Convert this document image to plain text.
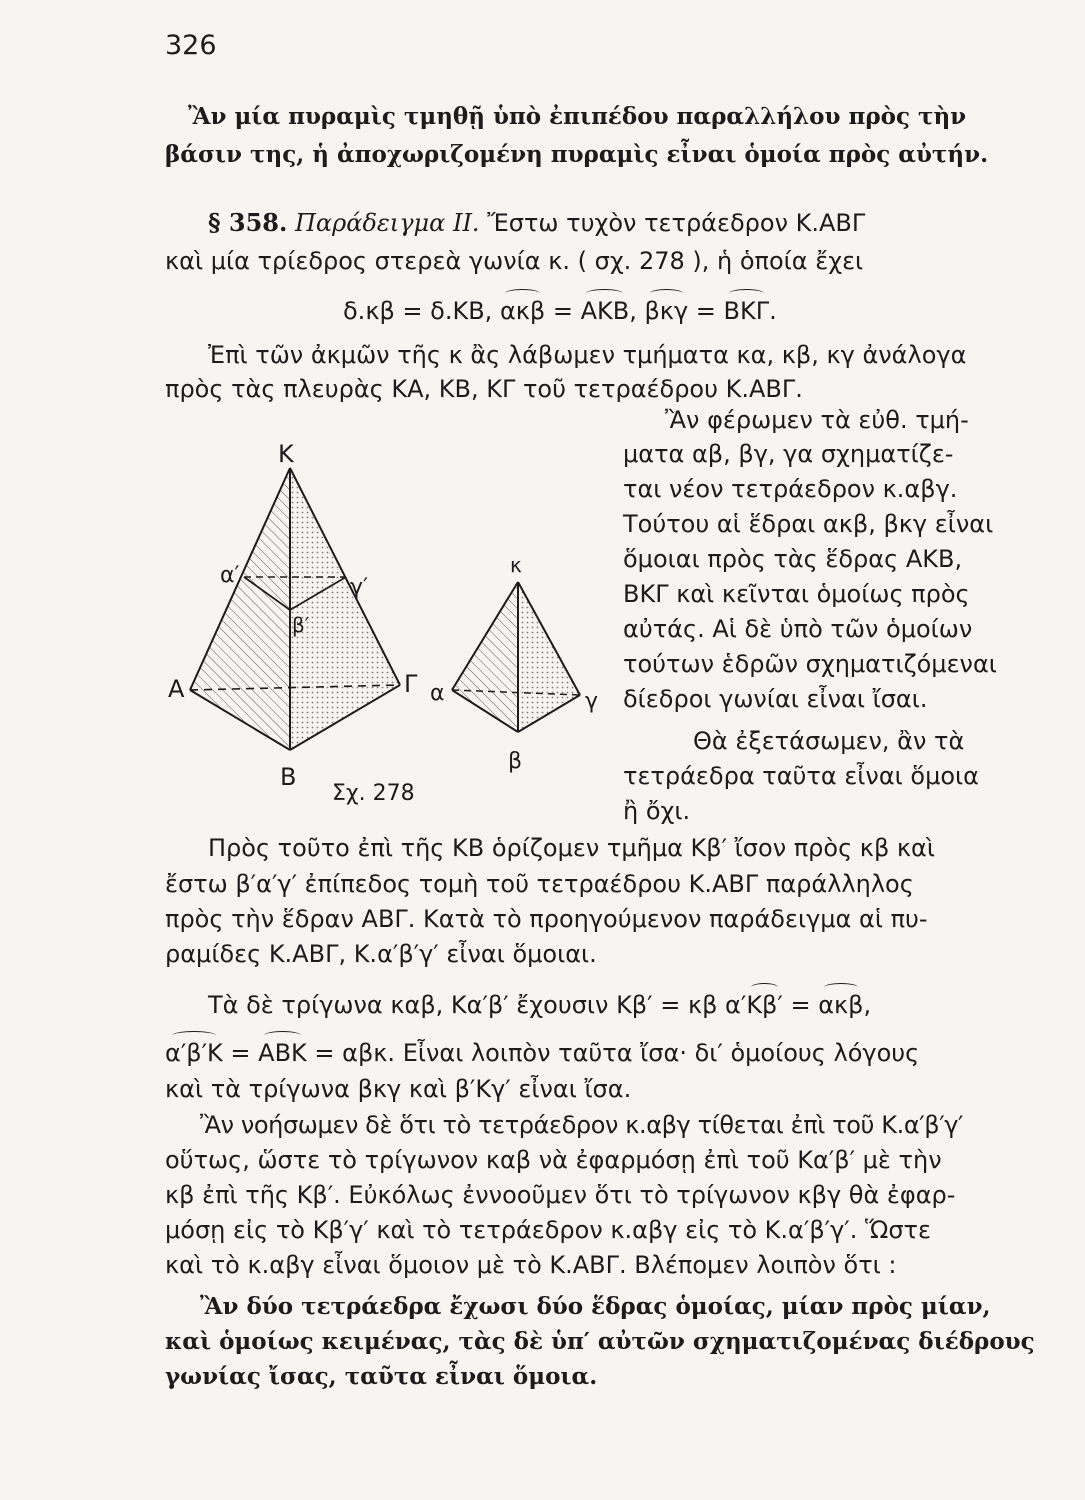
326
Ἂν μία πυραμὶς τμηθῇ ὑπὸ ἐπιπέδου παραλλήλου πρὸς τὴν
βάσιν της, ἡ ἀποχωριζομένη πυραμὶς εἶναι ὁμοία πρὸς αὐτήν.
§ 358. Παράδειγμα ΙΙ. Ἔστω τυχὸν τετράεδρον Κ.ΑΒΓ
καὶ μία τρίεδρος στερεὰ γωνία κ. ( σχ. 278 ), ἡ ὁποία ἔχει
δ.κβ = δ.ΚΒ, ακβ = ΑΚΒ, βκγ = ΒΚΓ.
Ἐπὶ τῶν ἀκμῶν τῆς κ ἂς λάβωμεν τμήματα κα, κβ, κγ ἀνάλογα
πρὸς τὰς πλευρὰς ΚΑ, ΚΒ, ΚΓ τοῦ τετραέδρου Κ.ΑΒΓ.
Ἂν φέρωμεν τὰ εὐθ. τμή-
ματα αβ, βγ, γα σχηματίζε-
ται νέον τετράεδρον κ.αβγ.
Τούτου αἱ ἕδραι ακβ, βκγ εἶναι
ὅμοιαι πρὸς τὰς ἕδρας ΑΚΒ,
ΒΚΓ καὶ κεῖνται ὁμοίως πρὸς
αὐτάς. Αἱ δὲ ὑπὸ τῶν ὁμοίων
τούτων ἑδρῶν σχηματιζόμεναι
δίεδροι γωνίαι εἶναι ἴσαι.
Θὰ ἐξετάσωμεν, ἂν τὰ
τετράεδρα ταῦτα εἶναι ὅμοια
ἢ ὄχι.
Κ
Α
Β
Γ
α′
β′
γ′
κ
α
β
γ
Σχ. 278
Πρὸς τοῦτο ἐπὶ τῆς ΚΒ ὁρίζομεν τμῆμα Κβ′ ἴσον πρὸς κβ καὶ
ἔστω β′α′γ′ ἐπίπεδος τομὴ τοῦ τετραέδρου Κ.ΑΒΓ παράλληλος
πρὸς τὴν ἕδραν ΑΒΓ. Κατὰ τὸ προηγούμενον παράδειγμα αἱ πυ-
ραμίδες Κ.ΑΒΓ, Κ.α′β′γ′ εἶναι ὅμοιαι.
Τὰ δὲ τρίγωνα καβ, Κα′β′ ἔχουσιν Κβ′ = κβ α′Κβ′ = ακβ,
α′β′Κ = ΑΒΚ = αβκ. Εἶναι λοιπὸν ταῦτα ἴσα· δι′ ὁμοίους λόγους
καὶ τὰ τρίγωνα βκγ καὶ β′Κγ′ εἶναι ἴσα.
Ἂν νοήσωμεν δὲ ὅτι τὸ τετράεδρον κ.αβγ τίθεται ἐπὶ τοῦ Κ.α′β′γ′
οὕτως, ὥστε τὸ τρίγωνον καβ νὰ ἐφαρμόσῃ ἐπὶ τοῦ Κα′β′ μὲ τὴν
κβ ἐπὶ τῆς Κβ′. Εὐκόλως ἐννοοῦμεν ὅτι τὸ τρίγωνον κβγ θὰ ἐφαρ-
μόσῃ εἰς τὸ Κβ′γ′ καὶ τὸ τετράεδρον κ.αβγ εἰς τὸ Κ.α′β′γ′. Ὥστε
καὶ τὸ κ.αβγ εἶναι ὅμοιον μὲ τὸ Κ.ΑΒΓ. Βλέπομεν λοιπὸν ὅτι :
Ἂν δύο τετράεδρα ἔχωσι δύο ἕδρας ὁμοίας, μίαν πρὸς μίαν,
καὶ ὁμοίως κειμένας, τὰς δὲ ὑπ′ αὐτῶν σχηματιζομένας διέδρους
γωνίας ἴσας, ταῦτα εἶναι ὅμοια.
